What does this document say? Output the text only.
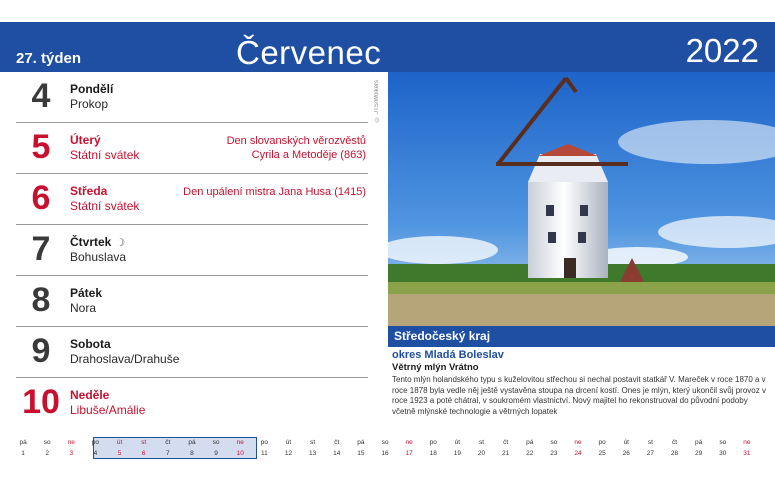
27. týden	Červenec	2022
4	Pondělí
Prokop
5	Úterý
Státní svátek
Den slovanských věrozvěstů
Cyrila a Metoděje (863)
6	Středa
Státní svátek
Den upálení mistra Jana Husa (1415)
7	Čtvrtek ☽
Bohuslava
8	Pátek
Nora
9	Sobota
Drahoslava/Drahuše
10 Neděle
Libuše/Amálie
© JTS/Wolkers
Středočeský kraj
okres Mladá Boleslav
Větrný mlýn Vrátno
Tento mlýn holandského typu s kuželovitou střechou si nechal postavit statkář V. Mareček v roce 1870 a v roce 1878 byla vedle něj ještě vystavěna stoupa na drcení kostí. Ones je mlýn, který ukončil svůj provoz v roce 1923 a poté chátral, v soukromém vlastnictví. Nový majitel ho rekonstruoval do původní podoby včetně mlýnské technologie a větrných lopatek
pá
1
so
2
ne
3
po
4
út
5
st
6
čt
7
pá
8
so
9
ne
10
po
11
út
12
st
13
čt
14
pá
15
so
16
ne
17
po
18
út
19
st
20
čt
21
pá
22
so
23
ne
24
po
25
út
26
st
27
čt
28
pá
29
so
30
ne
31
